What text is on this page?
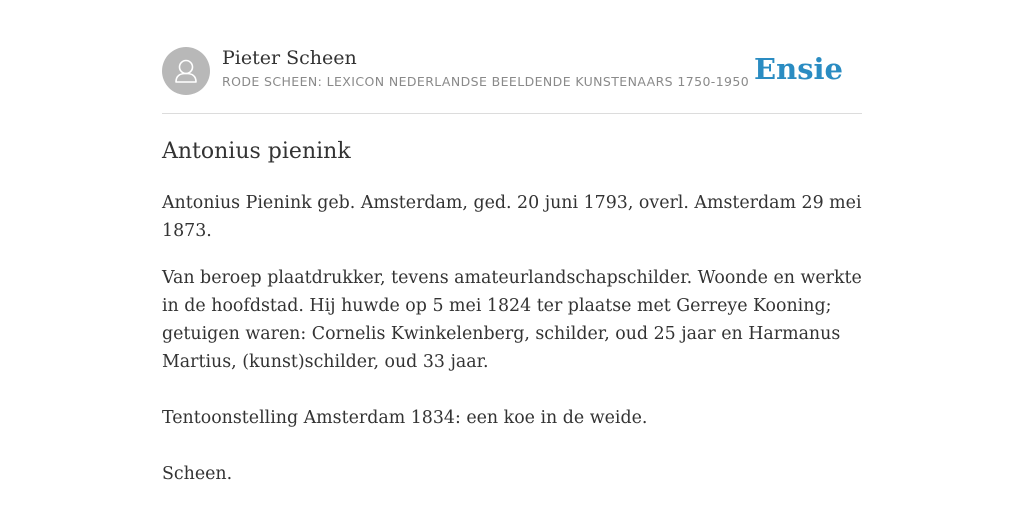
Pieter Scheen
RODE SCHEEN: LEXICON NEDERLANDSE BEELDENDE KUNSTENAARS 1750-1950 Ensie
Antonius pienink

Antonius Pienink geb. Amsterdam, ged. 20 juni 1793, overl. Amsterdam 29 mei 1873.

Van beroep plaatdrukker, tevens amateurlandschapschilder. Woonde en werkte in de hoofdstad. Hij huwde op 5 mei 1824 ter plaatse met Gerreye Kooning; getuigen waren: Cornelis Kwinkelenberg, schilder, oud 25 jaar en Harmanus Martius, (kunst)schilder, oud 33 jaar.

Tentoonstelling Amsterdam 1834: een koe in de weide.

Scheen.
